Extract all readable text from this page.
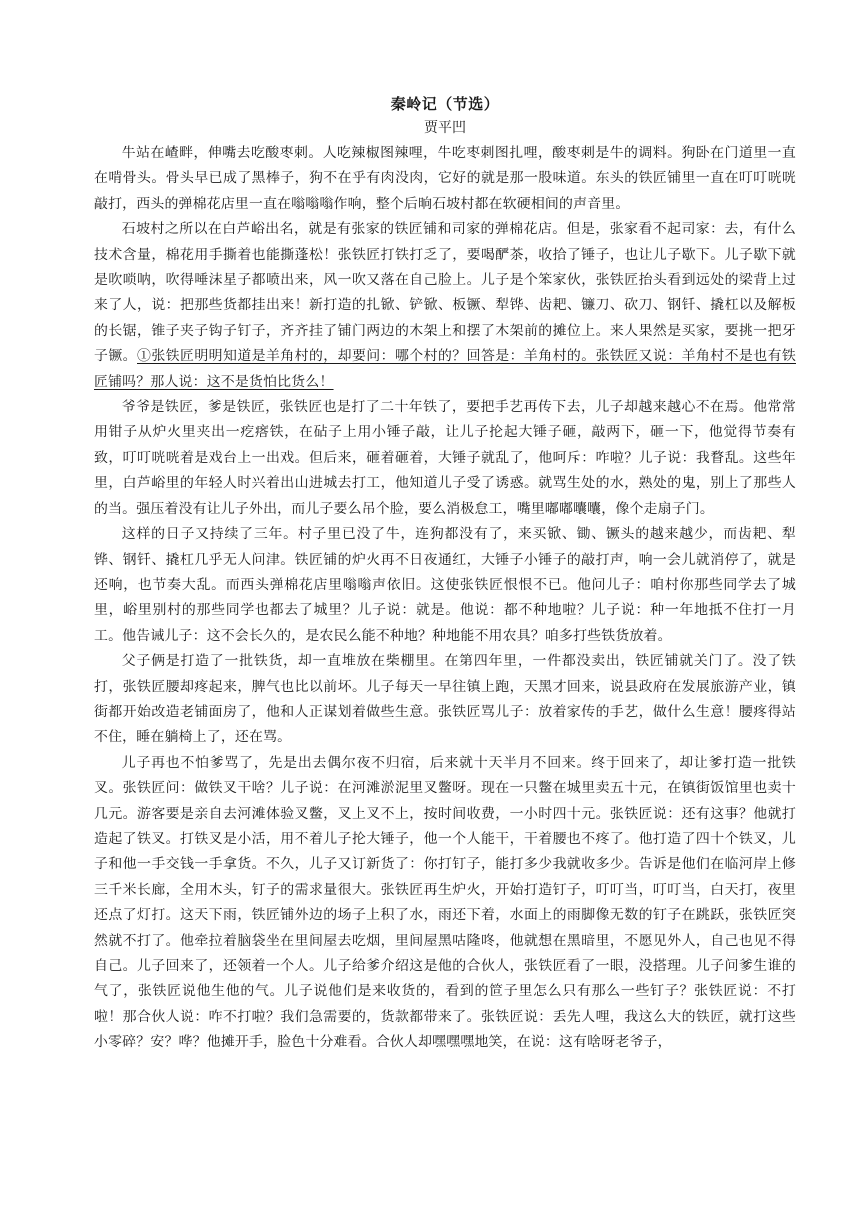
秦岭记（节选）
贾平凹

牛站在嵖畔，伸嘴去吃酸枣刺。人吃辣椒图辣哩，牛吃枣刺图扎哩，酸枣刺是牛的调料。狗卧在门道里一直在啃骨头。骨头早已成了黑棒子，狗不在乎有肉没肉，它好的就是那一股味道。东头的铁匠铺里一直在叮叮咣咣敲打，西头的弹棉花店里一直在嗡嗡嗡作响，整个后晌石坡村都在软硬相间的声音里。

石坡村之所以在白芦峪出名，就是有张家的铁匠铺和司家的弹棉花店。但是，张家看不起司家：去，有什么技术含量，棉花用手撕着也能撕蓬松！张铁匠打铁打乏了，要喝酽茶，收拾了锤子，也让儿子歇下。儿子歇下就是吹唢呐，吹得唾沫星子都喷出来，风一吹又落在自己脸上。儿子是个笨家伙，张铁匠抬头看到远处的梁背上过来了人，说：把那些货都挂出来！新打造的扎锨、铲锨、板镢、犁铧、齿耙、镰刀、砍刀、钢钎、撬杠以及解板的长锯，锥子夹子钩子钉子，齐齐挂了铺门两边的木架上和摆了木架前的摊位上。来人果然是买家，要挑一把牙子镢。①张铁匠明明知道是羊角村的，却要问：哪个村的？回答是：羊角村的。张铁匠又说：羊角村不是也有铁匠铺吗？那人说：这不是货怕比货么！

爷爷是铁匠，爹是铁匠，张铁匠也是打了二十年铁了，要把手艺再传下去，儿子却越来越心不在焉。他常常用钳子从炉火里夹出一疙瘩铁，在砧子上用小锤子敲，让儿子抡起大锤子砸，敲两下，砸一下，他觉得节奏有致，叮叮咣咣着是戏台上一出戏。但后来，砸着砸着，大锤子就乱了，他呵斥：咋啦？儿子说：我瞀乱。这些年里，白芦峪里的年轻人时兴着出山进城去打工，他知道儿子受了诱惑。就骂生处的水，熟处的鬼，别上了那些人的当。强压着没有让儿子外出，而儿子要么吊个脸，要么消极怠工，嘴里嘟嘟囔囔，像个走扇子门。

这样的日子又持续了三年。村子里已没了牛，连狗都没有了，来买锨、锄、镢头的越来越少，而齿耙、犁铧、钢钎、撬杠几乎无人问津。铁匠铺的炉火再不日夜通红，大锤子小锤子的敲打声，响一会儿就消停了，就是还响，也节奏大乱。而西头弹棉花店里嗡嗡声依旧。这使张铁匠恨恨不已。他问儿子：咱村你那些同学去了城里，峪里别村的那些同学也都去了城里？儿子说：就是。他说：都不种地啦？儿子说：种一年地抵不住打一月工。他告诫儿子：这不会长久的，是农民么能不种地？种地能不用农具？咱多打些铁货放着。

父子俩是打造了一批铁货，却一直堆放在柴棚里。在第四年里，一件都没卖出，铁匠铺就关门了。没了铁打，张铁匠腰却疼起来，脾气也比以前坏。儿子每天一早往镇上跑，天黑才回来，说县政府在发展旅游产业，镇街都开始改造老铺面房了，他和人正谋划着做些生意。张铁匠骂儿子：放着家传的手艺，做什么生意！腰疼得站不住，睡在躺椅上了，还在骂。

儿子再也不怕爹骂了，先是出去偶尔夜不归宿，后来就十天半月不回来。终于回来了，却让爹打造一批铁叉。张铁匠问：做铁叉干啥？儿子说：在河滩淤泥里叉鳖呀。现在一只鳖在城里卖五十元，在镇街饭馆里也卖十几元。游客要是亲自去河滩体验叉鳖，叉上叉不上，按时间收费，一小时四十元。张铁匠说：还有这事？他就打造起了铁叉。打铁叉是小活，用不着儿子抡大锤子，他一个人能干，干着腰也不疼了。他打造了四十个铁叉，儿子和他一手交钱一手拿货。不久，儿子又订新货了：你打钉子，能打多少我就收多少。告诉是他们在临河岸上修三千米长廊，全用木头，钉子的需求量很大。张铁匠再生炉火，开始打造钉子，叮叮当，叮叮当，白天打，夜里还点了灯打。这天下雨，铁匠铺外边的场子上积了水，雨还下着，水面上的雨脚像无数的钉子在跳跃，张铁匠突然就不打了。他牵拉着脑袋坐在里间屋去吃烟，里间屋黑咕隆咚，他就想在黑暗里，不愿见外人，自己也见不得自己。儿子回来了，还领着一个人。儿子给爹介绍这是他的合伙人，张铁匠看了一眼，没搭理。儿子问爹生谁的气了，张铁匠说他生他的气。儿子说他们是来收货的，看到的笸子里怎么只有那么一些钉子？张铁匠说：不打啦！那合伙人说：咋不打啦？我们急需要的，货款都带来了。张铁匠说：丢先人哩，我这么大的铁匠，就打这些小零碎？安？哗？他摊开手，脸色十分难看。合伙人却嘿嘿嘿地笑，在说：这有啥呀老爷子，
